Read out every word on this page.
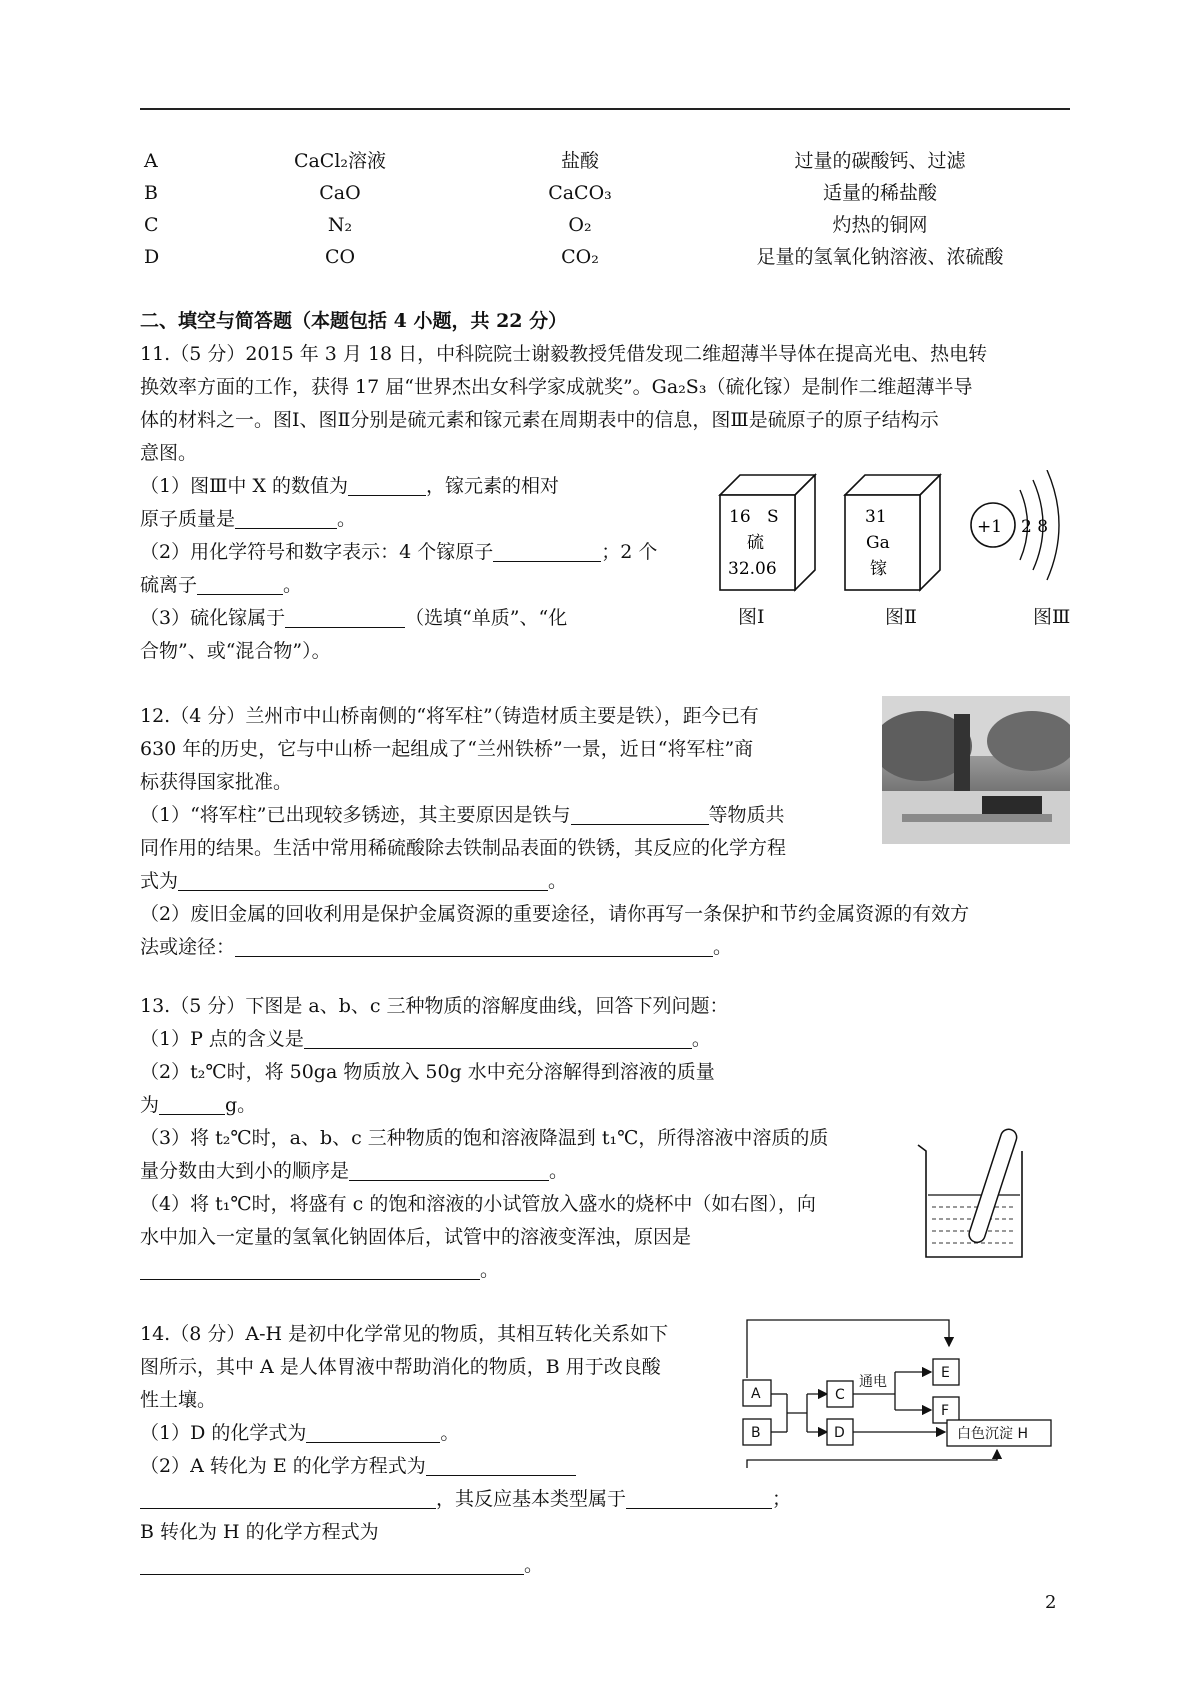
A	CaCl₂溶液	盐酸	过量的碳酸钙、过滤
B	CaO	CaCO₃	适量的稀盐酸
C	N₂	O₂	灼热的铜网
D	CO	CO₂	足量的氢氧化钠溶液、浓硫酸
二、填空与简答题（本题包括 4 小题，共 22 分）
11.（5 分）2015 年 3 月 18 日，中科院院士谢毅教授凭借发现二维超薄半导体在提高光电、热电转
换效率方面的工作，获得 17 届“世界杰出女科学家成就奖”。Ga₂S₃（硫化镓）是制作二维超薄半导
体的材料之一。图Ⅰ、图Ⅱ分别是硫元素和镓元素在周期表中的信息，图Ⅲ是硫原子的原子结构示
意图。
（1）图Ⅲ中 X 的数值为	，镓元素的相对
原子质量是	。
（2）用化学符号和数字表示：4 个镓原子	；2 个
硫离子	。
（3）硫化镓属于	（选填“单质”、“化
合物”、或“混合物”）。
16 S
硫
32.06
31
Ga
镓
+1 2 8
图Ⅰ	图Ⅱ	图Ⅲ
12.（4 分）兰州市中山桥南侧的“将军柱”（铸造材质主要是铁），距今已有
630 年的历史，它与中山桥一起组成了“兰州铁桥”一景，近日“将军柱”商
标获得国家批准。
（1）“将军柱”已出现较多锈迹，其主要原因是铁与	等物质共
同作用的结果。生活中常用稀硫酸除去铁制品表面的铁锈，其反应的化学方程
式为	。
（2）废旧金属的回收利用是保护金属资源的重要途径，请你再写一条保护和节约金属资源的有效方
法或途径：	。
13.（5 分）下图是 a、b、c 三种物质的溶解度曲线，回答下列问题：
（1）P 点的含义是	。
（2）t₂℃时，将 50ga 物质放入 50g 水中充分溶解得到溶液的质量
为	g。
（3）将 t₂℃时，a、b、c 三种物质的饱和溶液降温到 t₁℃，所得溶液中溶质的质
量分数由大到小的顺序是	。
（4）将 t₁℃时，将盛有 c 的饱和溶液的小试管放入盛水的烧杯中（如右图），向
水中加入一定量的氢氧化钠固体后，试管中的溶液变浑浊，原因是
。
14.（8 分）A-H 是初中化学常见的物质，其相互转化关系如下
图所示，其中 A 是人体胃液中帮助消化的物质，B 用于改良酸
性土壤。
（1）D 的化学式为	。
（2）A 转化为 E 的化学方程式为
，其反应基本类型属于	；
B 转化为 H 的化学方程式为
。
A
B
C
D
E
F
白色沉淀 H
通电
2
